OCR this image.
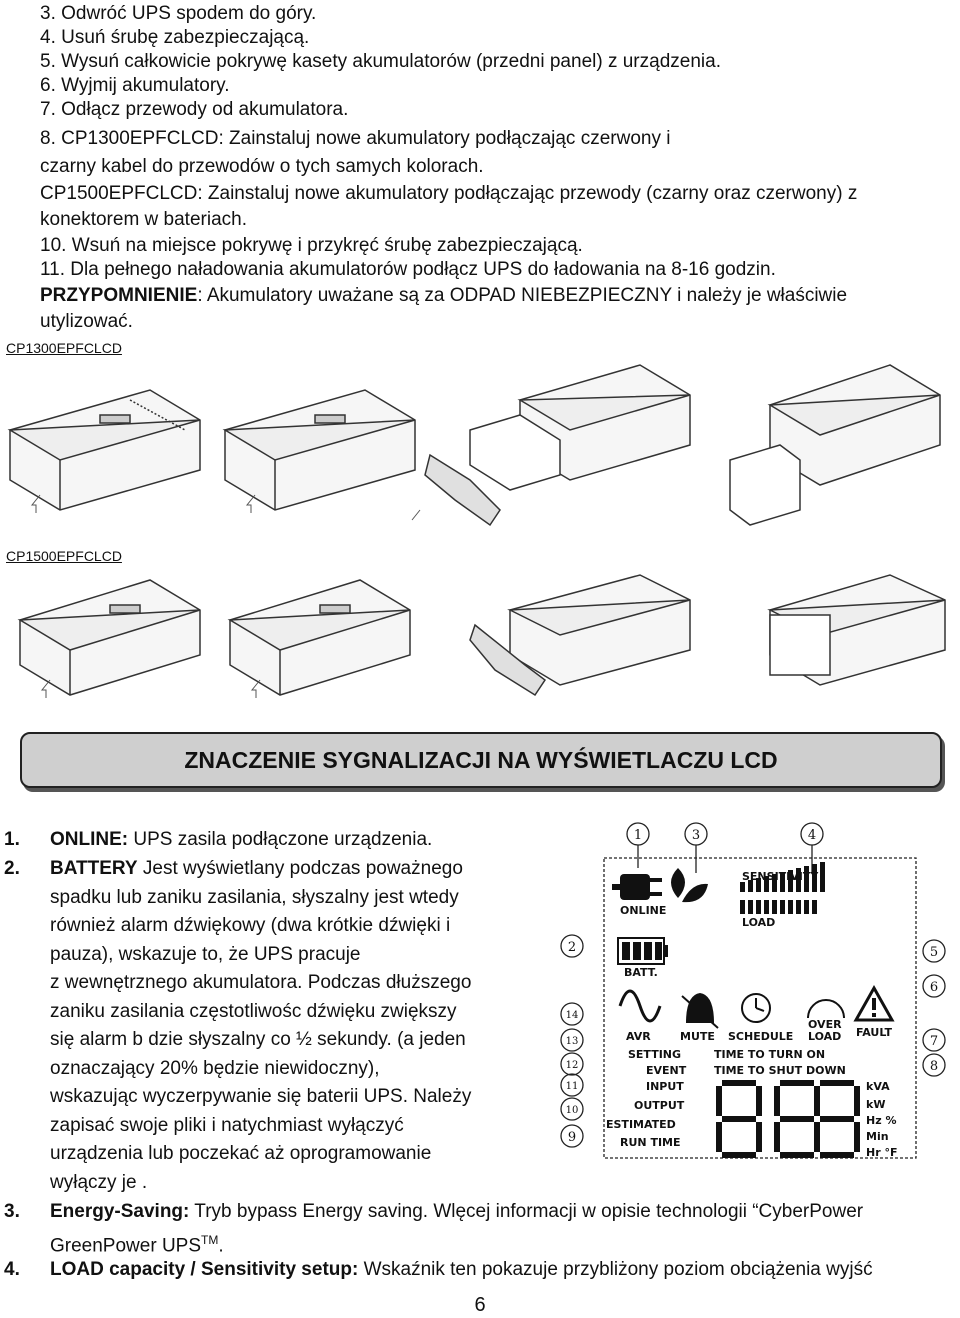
3. Odwróć UPS spodem do góry.
4. Usuń śrubę zabezpieczającą.
5. Wysuń całkowicie pokrywę kasety akumulatorów (przedni panel) z urządzenia.
6. Wyjmij akumulatory.
7. Odłącz przewody od akumulatora.
8. CP1300EPFCLCD: Zainstaluj nowe akumulatory podłączając czerwony i
czarny kabel do przewodów o tych samych kolorach.
CP1500EPFCLCD: Zainstaluj nowe akumulatory podłączając przewody (czarny oraz czerwony) z
konektorem w bateriach.
10. Wsuń na miejsce pokrywę i przykręć śrubę zabezpieczającą.
11. Dla pełnego naładowania akumulatorów podłącz UPS do ładowania na 8-16 godzin.
PRZYPOMNIENIE: Akumulatory uważane są za ODPAD NIEBEZPIECZNY i należy je właściwie
utylizować.
CP1300EPFCLCD
CP1500EPFCLCD
ZNACZENIE SYGNALIZACJI NA WYŚWIETLACZU LCD
1. ONLINE: UPS zasila podłączone urządzenia.
2. BATTERY Jest wyświetlany podczas poważnego
spadku lub zaniku zasilania, słyszalny jest wtedy
również alarm dźwiękowy (dwa krótkie dźwięki i
pauza), wskazuje to, że UPS pracuje
z wewnętrznego akumulatora. Podczas dłuższego
zaniku zasilania częstotliwośc dźwięku zwiększy
się alarm b dzie słyszalny co ½ sekundy. (a jeden
oznaczający 20% będzie niewidoczny),
wskazując wyczerpywanie się baterii UPS. Należy
zapisać swoje pliki i natychmiast wyłączyć
urządzenia lub poczekać aż oprogramowanie
wyłączy je .
1	3	4
2	5
6
14
13
12
11
10
9
7
8
ONLINE
SENSITIVITY
LOAD
BATT.
AVR	MUTE SCHEDULE
OVER
LOAD FAULT
SETTING
EVENT
INPUT
OUTPUT
ESTIMATED
RUN TIME
TIME TO TURN ON
TIME TO SHUT DOWN
kVA
kW
Hz %
Min
Hr °F
3. Energy-Saving: Tryb bypass Energy saving. Wlęcej informacji w opisie technologii “CyberPower
GreenPower UPS™.
4. LOAD capacity / Sensitivity setup: Wskaźnik ten pokazuje przybliżony poziom obciążenia wyjść
6
